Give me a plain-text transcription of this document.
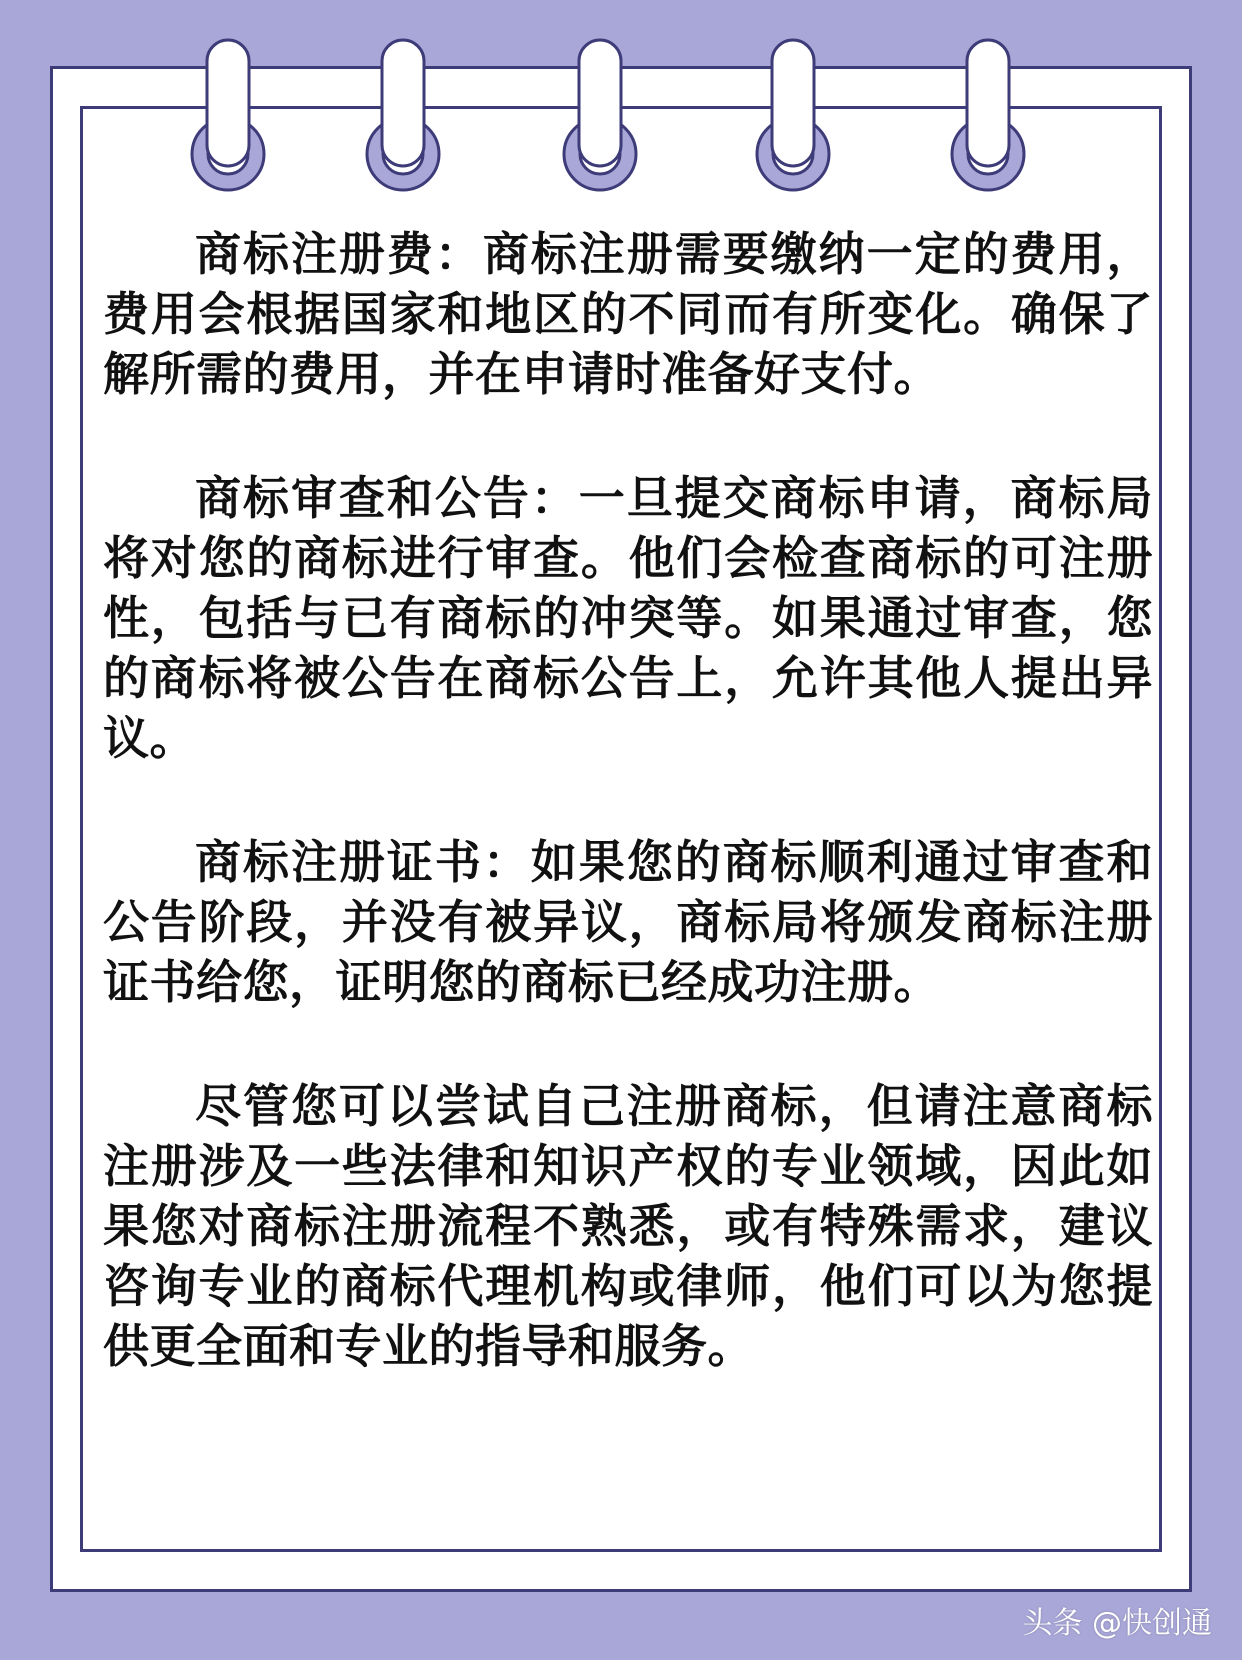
商标注册费：商标注册需要缴纳一定的费用，费用会根据国家和地区的不同而有所变化。确保了解所需的费用，并在申请时准备好支付。

商标审查和公告：一旦提交商标申请，商标局将对您的商标进行审查。他们会检查商标的可注册性，包括与已有商标的冲突等。如果通过审查，您的商标将被公告在商标公告上，允许其他人提出异议。

商标注册证书：如果您的商标顺利通过审查和公告阶段，并没有被异议，商标局将颁发商标注册证书给您，证明您的商标已经成功注册。

尽管您可以尝试自己注册商标，但请注意商标注册涉及一些法律和知识产权的专业领域，因此如果您对商标注册流程不熟悉，或有特殊需求，建议咨询专业的商标代理机构或律师，他们可以为您提供更全面和专业的指导和服务。

头条 @快创通
